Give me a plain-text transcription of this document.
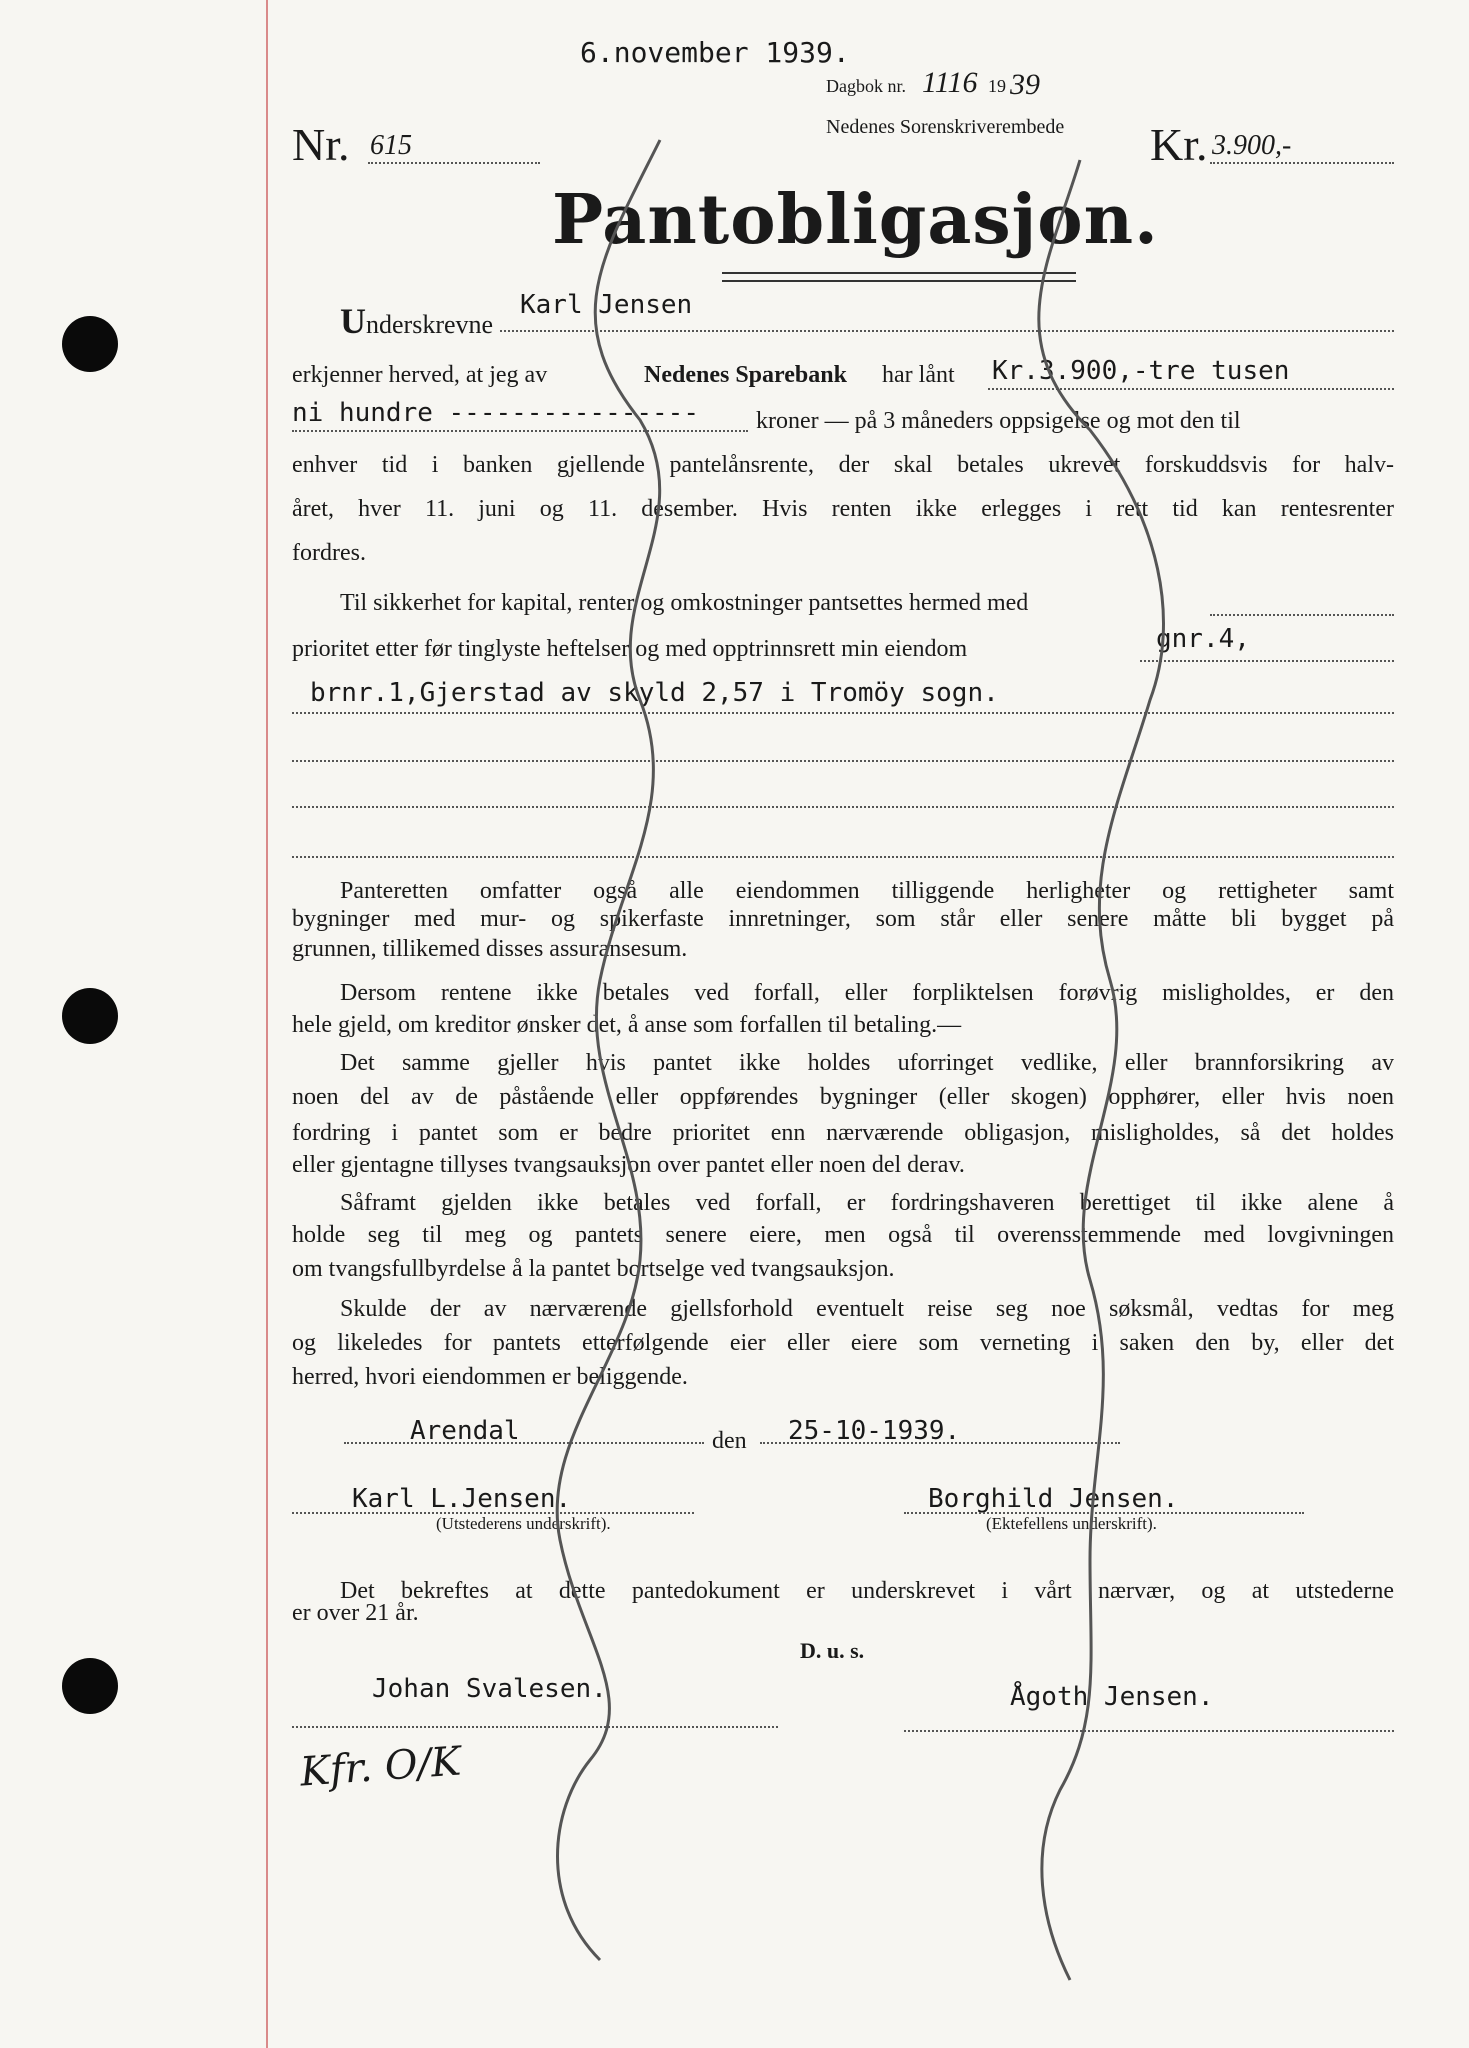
6.november 1939.
Dagbok nr. 1116 19 39
Nedenes Sorenskriverembede
Nr. 615	Kr. 3.900,-
Pantobligasjon.
Underskrevne
Karl Jensen
erkjenner herved, at jeg av	Nedenes Sparebank har lånt Kr.3.900,-tre tusen
ni hundre ---------------- kroner — på 3 måneders oppsigelse og mot den til
enhver tid i banken gjellende pantelånsrente, der skal betales ukrevet forskuddsvis for halv-
året, hver 11. juni og 11. desember. Hvis renten ikke erlegges i rett tid kan rentesrenter
fordres.
Til sikkerhet for kapital, renter og omkostninger pantsettes hermed med
prioritet etter før tinglyste heftelser og med opptrinnsrett min eiendom	gnr.4,
brnr.1,Gjerstad av skyld 2,57 i Tromöy sogn.
Panteretten omfatter også alle eiendommen tilliggende herligheter og rettigheter samt
bygninger med mur- og spikerfaste innretninger, som står eller senere måtte bli bygget på
grunnen, tillikemed disses assuransesum.
Dersom rentene ikke betales ved forfall, eller forpliktelsen forøvrig misligholdes, er den
hele gjeld, om kreditor ønsker det, å anse som forfallen til betaling.—
Det samme gjeller hvis pantet ikke holdes uforringet vedlike, eller brannforsikring av
noen del av de påstående eller oppførendes bygninger (eller skogen) opphører, eller hvis noen
fordring i pantet som er bedre prioritet enn nærværende obligasjon, misligholdes, så det holdes
eller gjentagne tillyses tvangsauksjon over pantet eller noen del derav.
Såframt gjelden ikke betales ved forfall, er fordringshaveren berettiget til ikke alene å
holde seg til meg og pantets senere eiere, men også til overensstemmende med lovgivningen
om tvangsfullbyrdelse å la pantet bortselge ved tvangsauksjon.
Skulde der av nærværende gjellsforhold eventuelt reise seg noe søksmål, vedtas for meg
og likeledes for pantets etterfølgende eier eller eiere som verneting i saken den by, eller det
herred, hvori eiendommen er beliggende.
Arendal	den 25-10-1939.
Karl L.Jensen.
(Utstederens underskrift).
Borghild Jensen.
(Ektefellens underskrift).
Det bekreftes at dette pantedokument er underskrevet i vårt nærvær, og at utstederne
er over 21 år.
D. u. s.
Johan Svalesen.	Ågoth Jensen.
Kfr. O/K
